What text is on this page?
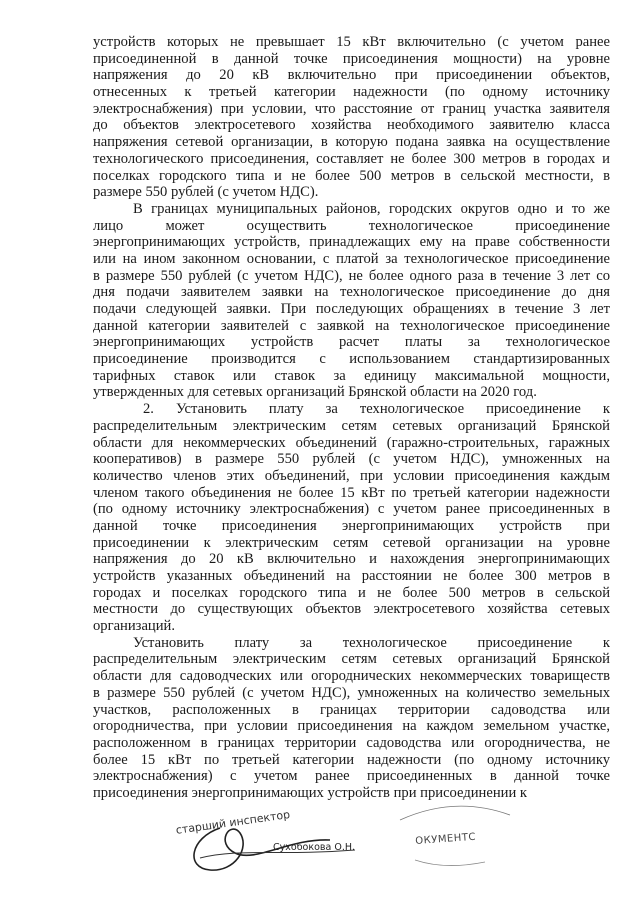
устройств которых не превышает 15 кВт включительно (с учетом ранее
присоединенной в данной точке присоединения мощности) на уровне
напряжения до 20 кВ включительно при присоединении объектов,
отнесенных к третьей категории надежности (по одному источнику
электроснабжения) при условии, что расстояние от границ участка заявителя
до объектов электросетевого хозяйства необходимого заявителю класса
напряжения сетевой организации, в которую подана заявка на осуществление
технологического присоединения, составляет не более 300 метров в городах и
поселках городского типа и не более 500 метров в сельской местности, в
размере 550 рублей (с учетом НДС).
В границах муниципальных районов, городских округов одно и то же
лицо может осуществить технологическое присоединение
энергопринимающих устройств, принадлежащих ему на праве собственности
или на ином законном основании, с платой за технологическое присоединение
в размере 550 рублей (с учетом НДС), не более одного раза в течение 3 лет со
дня подачи заявителем заявки на технологическое присоединение до дня
подачи следующей заявки. При последующих обращениях в течение 3 лет
данной категории заявителей с заявкой на технологическое присоединение
энергопринимающих устройств расчет платы за технологическое
присоединение производится с использованием стандартизированных
тарифных ставок или ставок за единицу максимальной мощности,
утвержденных для сетевых организаций Брянской области на 2020 год.
2. Установить плату за технологическое присоединение к
распределительным электрическим сетям сетевых организаций Брянской
области для некоммерческих объединений (гаражно-строительных, гаражных
кооперативов) в размере 550 рублей (с учетом НДС), умноженных на
количество членов этих объединений, при условии присоединения каждым
членом такого объединения не более 15 кВт по третьей категории надежности
(по одному источнику электроснабжения) с учетом ранее присоединенных в
данной точке присоединения энергопринимающих устройств при
присоединении к электрическим сетям сетевой организации на уровне
напряжения до 20 кВ включительно и нахождения энергопринимающих
устройств указанных объединений на расстоянии не более 300 метров в
городах и поселках городского типа и не более 500 метров в сельской
местности до существующих объектов электросетевого хозяйства сетевых
организаций.
Установить плату за технологическое присоединение к
распределительным электрическим сетям сетевых организаций Брянской
области для садоводческих или огороднических некоммерческих товариществ
в размере 550 рублей (с учетом НДС), умноженных на количество земельных
участков, расположенных в границах территории садоводства или
огородничества, при условии присоединения на каждом земельном участке,
расположенном в границах территории садоводства или огородничества, не
более 15 кВт по третьей категории надежности (по одному источнику
электроснабжения) с учетом ранее присоединенных в данной точке
присоединения энергопринимающих устройств при присоединении к
старший инспектор
Сухобокова О.Н.
ОКУМЕНТС
